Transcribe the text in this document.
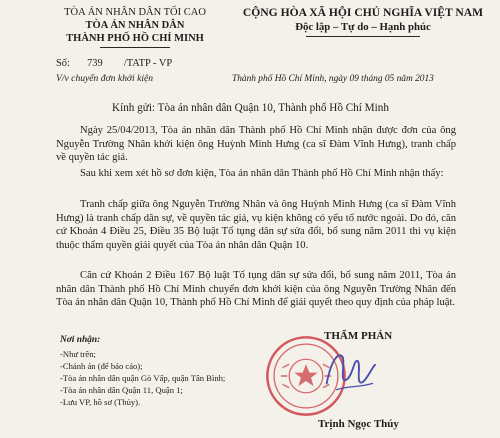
TÒA ÁN NHÂN DÂN TỐI CAO
TÒA ÁN NHÂN DÂN
THÀNH PHỐ HỒ CHÍ MINH
CỘNG HÒA XÃ HỘI CHỦ NGHĨA VIỆT NAM
Độc lập – Tự do – Hạnh phúc
Số: 739 /TATP - VP
V/v chuyển đơn khởi kiện	Thành phố Hồ Chí Minh, ngày 09 tháng 05 năm 2013
Kính gửi: Tòa án nhân dân Quận 10, Thành phố Hồ Chí Minh
Ngày 25/04/2013, Tòa án nhân dân Thành phố Hồ Chí Minh nhận được đơn của ông Nguyễn Trường Nhân khởi kiện ông Huỳnh Minh Hưng (ca sĩ Đàm Vĩnh Hưng), tranh chấp về quyền tác giả.
Sau khi xem xét hồ sơ đơn kiện, Tòa án nhân dân Thành phố Hồ Chí Minh nhận thấy:
Tranh chấp giữa ông Nguyễn Trường Nhân và ông Huỳnh Minh Hưng (ca sĩ Đàm Vĩnh Hưng) là tranh chấp dân sự, về quyền tác giả, vụ kiện không có yếu tố nước ngoài. Do đó, căn cứ Khoản 4 Điều 25, Điều 35 Bộ luật Tố tụng dân sự sửa đổi, bổ sung năm 2011 thì vụ kiện thuộc thẩm quyền giải quyết của Tòa án nhân dân Quận 10.
Căn cứ Khoản 2 Điều 167 Bộ luật Tố tụng dân sự sửa đổi, bổ sung năm 2011, Tòa án nhân dân Thành phố Hồ Chí Minh chuyển đơn khởi kiện của ông Nguyễn Trường Nhân đến Tòa án nhân dân Quận 10, Thành phố Hồ Chí Minh để giải quyết theo quy định của pháp luật.
Nơi nhận:
-Như trên;
-Chánh án (để báo cáo);
-Tòa án nhân dân quận Gò Vấp, quận Tân Bình;
-Tòa án nhân dân Quận 11, Quận 1;
-Lưu VP, hồ sơ (Thủy).
THẨM PHÁN
Trịnh Ngọc Thúy
